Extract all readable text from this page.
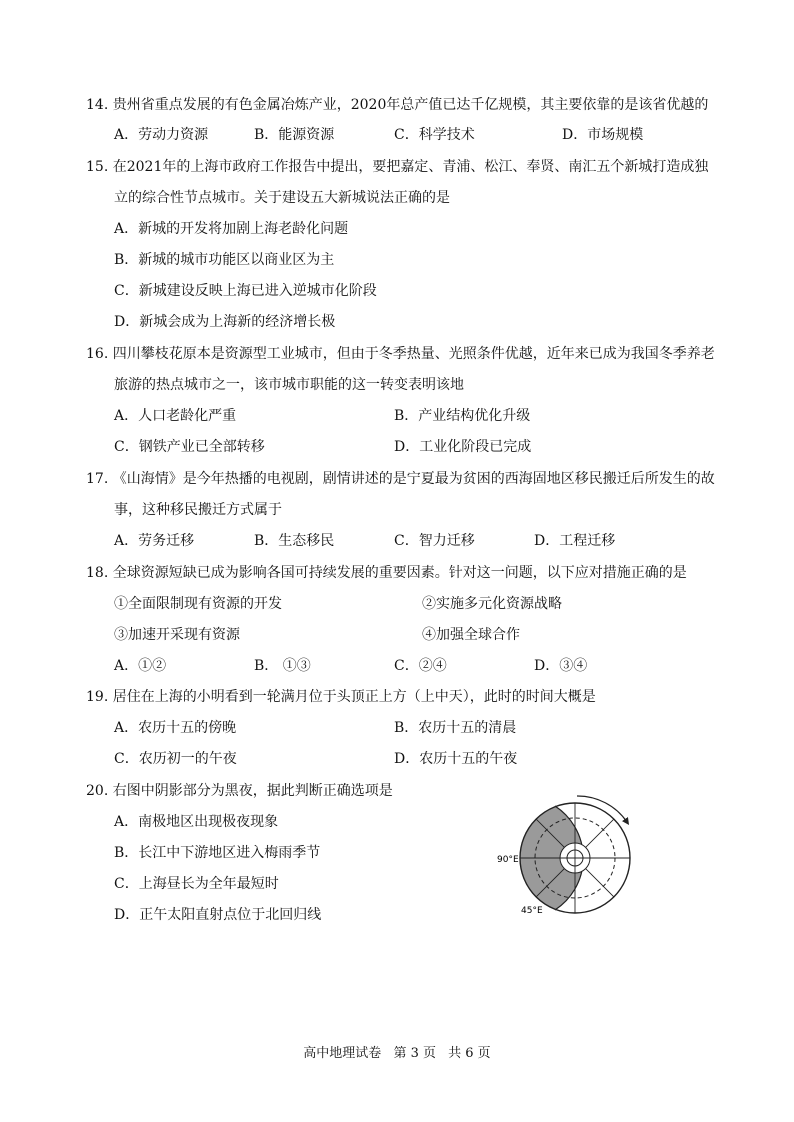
14. 贵州省重点发展的有色金属冶炼产业，2020年总产值已达千亿规模，其主要依靠的是该省优越的
A．劳动力资源	B．能源资源	C．科学技术	D．市场规模
15. 在2021年的上海市政府工作报告中提出，要把嘉定、青浦、松江、奉贤、南汇五个新城打造成独
立的综合性节点城市。关于建设五大新城说法正确的是
A．新城的开发将加剧上海老龄化问题
B．新城的城市功能区以商业区为主
C．新城建设反映上海已进入逆城市化阶段
D．新城会成为上海新的经济增长极
16. 四川攀枝花原本是资源型工业城市，但由于冬季热量、光照条件优越，近年来已成为我国冬季养老
旅游的热点城市之一，该市城市职能的这一转变表明该地
A．人口老龄化严重	B．产业结构优化升级
C．钢铁产业已全部转移	D．工业化阶段已完成
17. 《山海情》是今年热播的电视剧，剧情讲述的是宁夏最为贫困的西海固地区移民搬迁后所发生的故
事，这种移民搬迁方式属于
A．劳务迁移	B．生态移民	C．智力迁移	D．工程迁移
18. 全球资源短缺已成为影响各国可持续发展的重要因素。针对这一问题，以下应对措施正确的是
①全面限制现有资源的开发	②实施多元化资源战略
③加速开采现有资源	④加强全球合作
A．①②	B． ①③	C．②④	D．③④
19. 居住在上海的小明看到一轮满月位于头顶正上方（上中天），此时的时间大概是
A．农历十五的傍晚	B．农历十五的清晨
C．农历初一的午夜	D．农历十五的午夜
20. 右图中阴影部分为黑夜，据此判断正确选项是
A．南极地区出现极夜现象
B．长江中下游地区进入梅雨季节
C．上海昼长为全年最短时
D．正午太阳直射点位于北回归线
90°E
45°E
高中地理试卷 第 3 页 共 6 页
